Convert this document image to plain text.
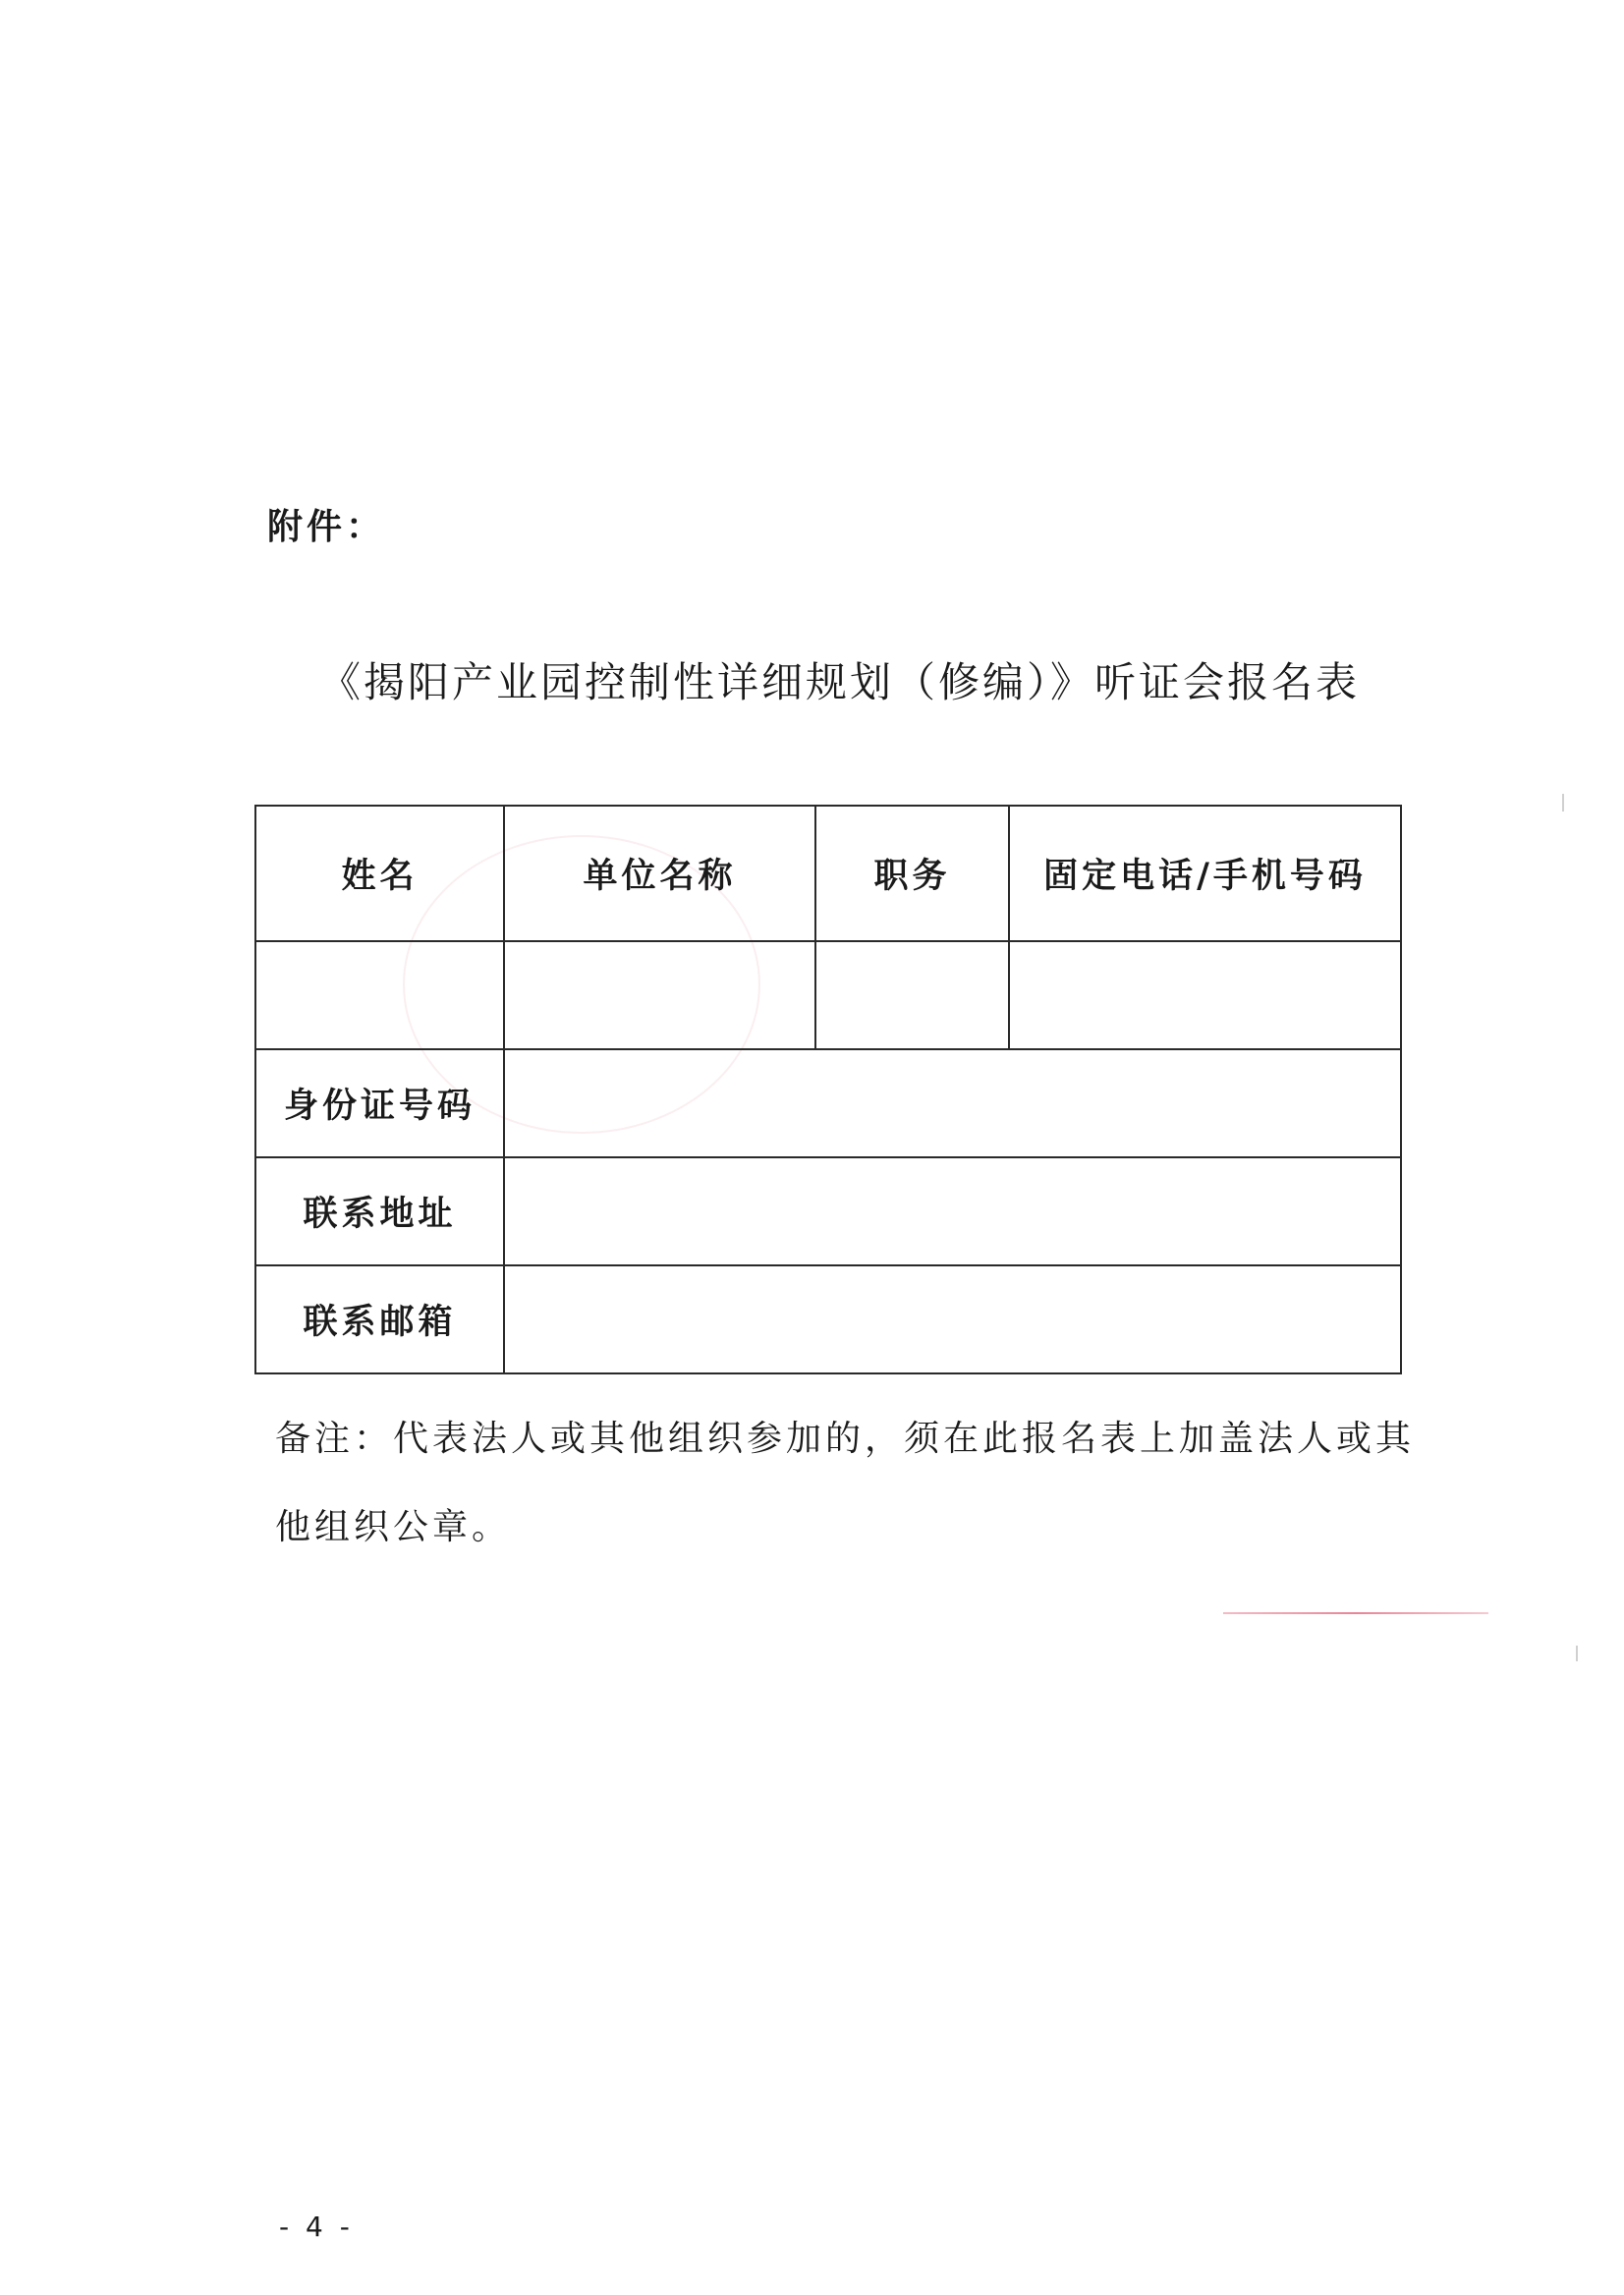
附件：
《揭阳产业园控制性详细规划（修编）》听证会报名表
姓名	单位名称	职务	固定电话/手机号码

身份证号码			
联系地址			
联系邮箱			
备注：代表法人或其他组织参加的，须在此报名表上加盖法人或其他组织公章。
- 4 -
